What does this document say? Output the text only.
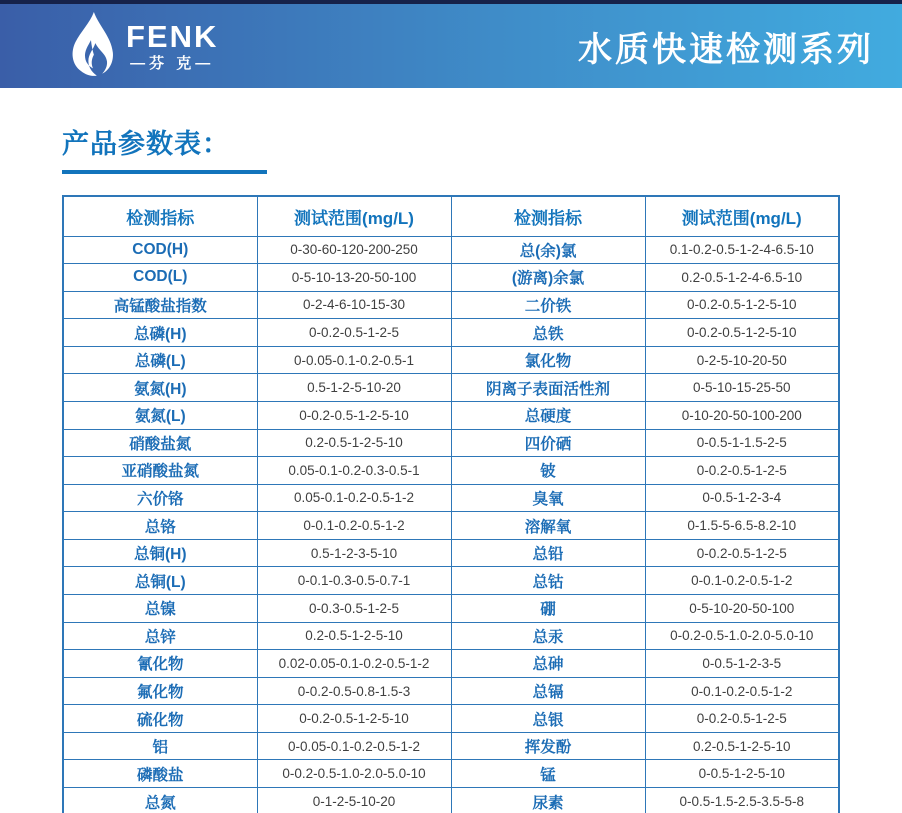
FENK
—芬 克—	水质快速检测系列
产品参数表：
检测指标	测试范围(mg/L)	检测指标	测试范围(mg/L)
COD(H)	0-30-60-120-200-250	总(余)氯	0.1-0.2-0.5-1-2-4-6.5-10
COD(L)	0-5-10-13-20-50-100	(游离)余氯	0.2-0.5-1-2-4-6.5-10
高锰酸盐指数	0-2-4-6-10-15-30	二价铁	0-0.2-0.5-1-2-5-10
总磷(H)	0-0.2-0.5-1-2-5	总铁	0-0.2-0.5-1-2-5-10
总磷(L)	0-0.05-0.1-0.2-0.5-1	氯化物	0-2-5-10-20-50
氨氮(H)	0.5-1-2-5-10-20	阴离子表面活性剂	0-5-10-15-25-50
氨氮(L)	0-0.2-0.5-1-2-5-10	总硬度	0-10-20-50-100-200
硝酸盐氮	0.2-0.5-1-2-5-10	四价硒	0-0.5-1-1.5-2-5
亚硝酸盐氮	0.05-0.1-0.2-0.3-0.5-1	铍	0-0.2-0.5-1-2-5
六价铬	0.05-0.1-0.2-0.5-1-2	臭氧	0-0.5-1-2-3-4
总铬	0-0.1-0.2-0.5-1-2	溶解氧	0-1.5-5-6.5-8.2-10
总铜(H)	0.5-1-2-3-5-10	总铅	0-0.2-0.5-1-2-5
总铜(L)	0-0.1-0.3-0.5-0.7-1	总钴	0-0.1-0.2-0.5-1-2
总镍	0-0.3-0.5-1-2-5	硼	0-5-10-20-50-100
总锌	0.2-0.5-1-2-5-10	总汞	0-0.2-0.5-1.0-2.0-5.0-10
氰化物	0.02-0.05-0.1-0.2-0.5-1-2	总砷	0-0.5-1-2-3-5
氟化物	0-0.2-0.5-0.8-1.5-3	总镉	0-0.1-0.2-0.5-1-2
硫化物	0-0.2-0.5-1-2-5-10	总银	0-0.2-0.5-1-2-5
铝	0-0.05-0.1-0.2-0.5-1-2	挥发酚	0.2-0.5-1-2-5-10
磷酸盐	0-0.2-0.5-1.0-2.0-5.0-10	锰	0-0.5-1-2-5-10
总氮	0-1-2-5-10-20	尿素	0-0.5-1.5-2.5-3.5-5-8
